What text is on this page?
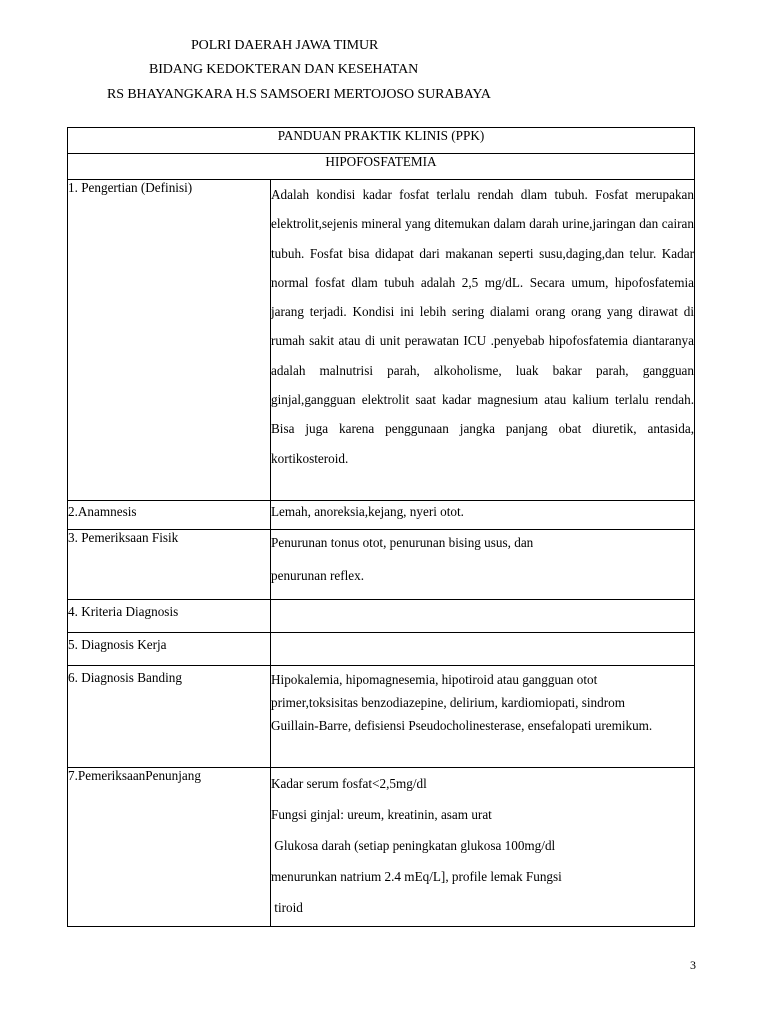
POLRI DAERAH JAWA TIMUR
BIDANG KEDOKTERAN DAN KESEHATAN
RS BHAYANGKARA H.S SAMSOERI MERTOJOSO SURABAYA
PANDUAN PRAKTIK KLINIS (PPK)	
HIPOFOSFATEMIA	
1. Pengertian (Definisi)	Adalah kondisi kadar fosfat terlalu rendah dlam tubuh. Fosfat merupakan elektrolit,sejenis mineral yang ditemukan dalam darah urine,jaringan dan cairan tubuh. Fosfat bisa didapat dari makanan seperti susu,daging,dan telur. Kadar normal fosfat dlam tubuh adalah 2,5 mg/dL. Secara umum, hipofosfatemia jarang terjadi. Kondisi ini lebih sering dialami orang orang yang dirawat di rumah sakit atau di unit perawatan ICU .penyebab hipofosfatemia diantaranya adalah malnutrisi parah, alkoholisme, luak bakar parah, gangguan ginjal,gangguan elektrolit saat kadar magnesium atau kalium terlalu rendah. Bisa juga karena penggunaan jangka panjang obat diuretik, antasida, kortikosteroid.

2.Anamnesis	Lemah, anoreksia,kejang, nyeri otot.
3. Pemeriksaan Fisik	Penurunan tonus otot, penurunan bising usus, dan
penurunan reflex.

4. Kriteria Diagnosis	
5. Diagnosis Kerja	
6. Diagnosis Banding	Hipokalemia, hipomagnesemia, hipotiroid atau gangguan otot
primer,toksisitas benzodiazepine, delirium, kardiomiopati, sindrom
Guillain-Barre, defisiensi Pseudocholinesterase, ensefalopati uremikum.

7.PemeriksaanPenunjang	Kadar serum fosfat<2,5mg/dl
Fungsi ginjal: ureum, kreatinin, asam urat
Glukosa darah (setiap peningkatan glukosa 100mg/dl
menurunkan natrium 2.4 mEq/L], profile lemak Fungsi
tiroid
3
